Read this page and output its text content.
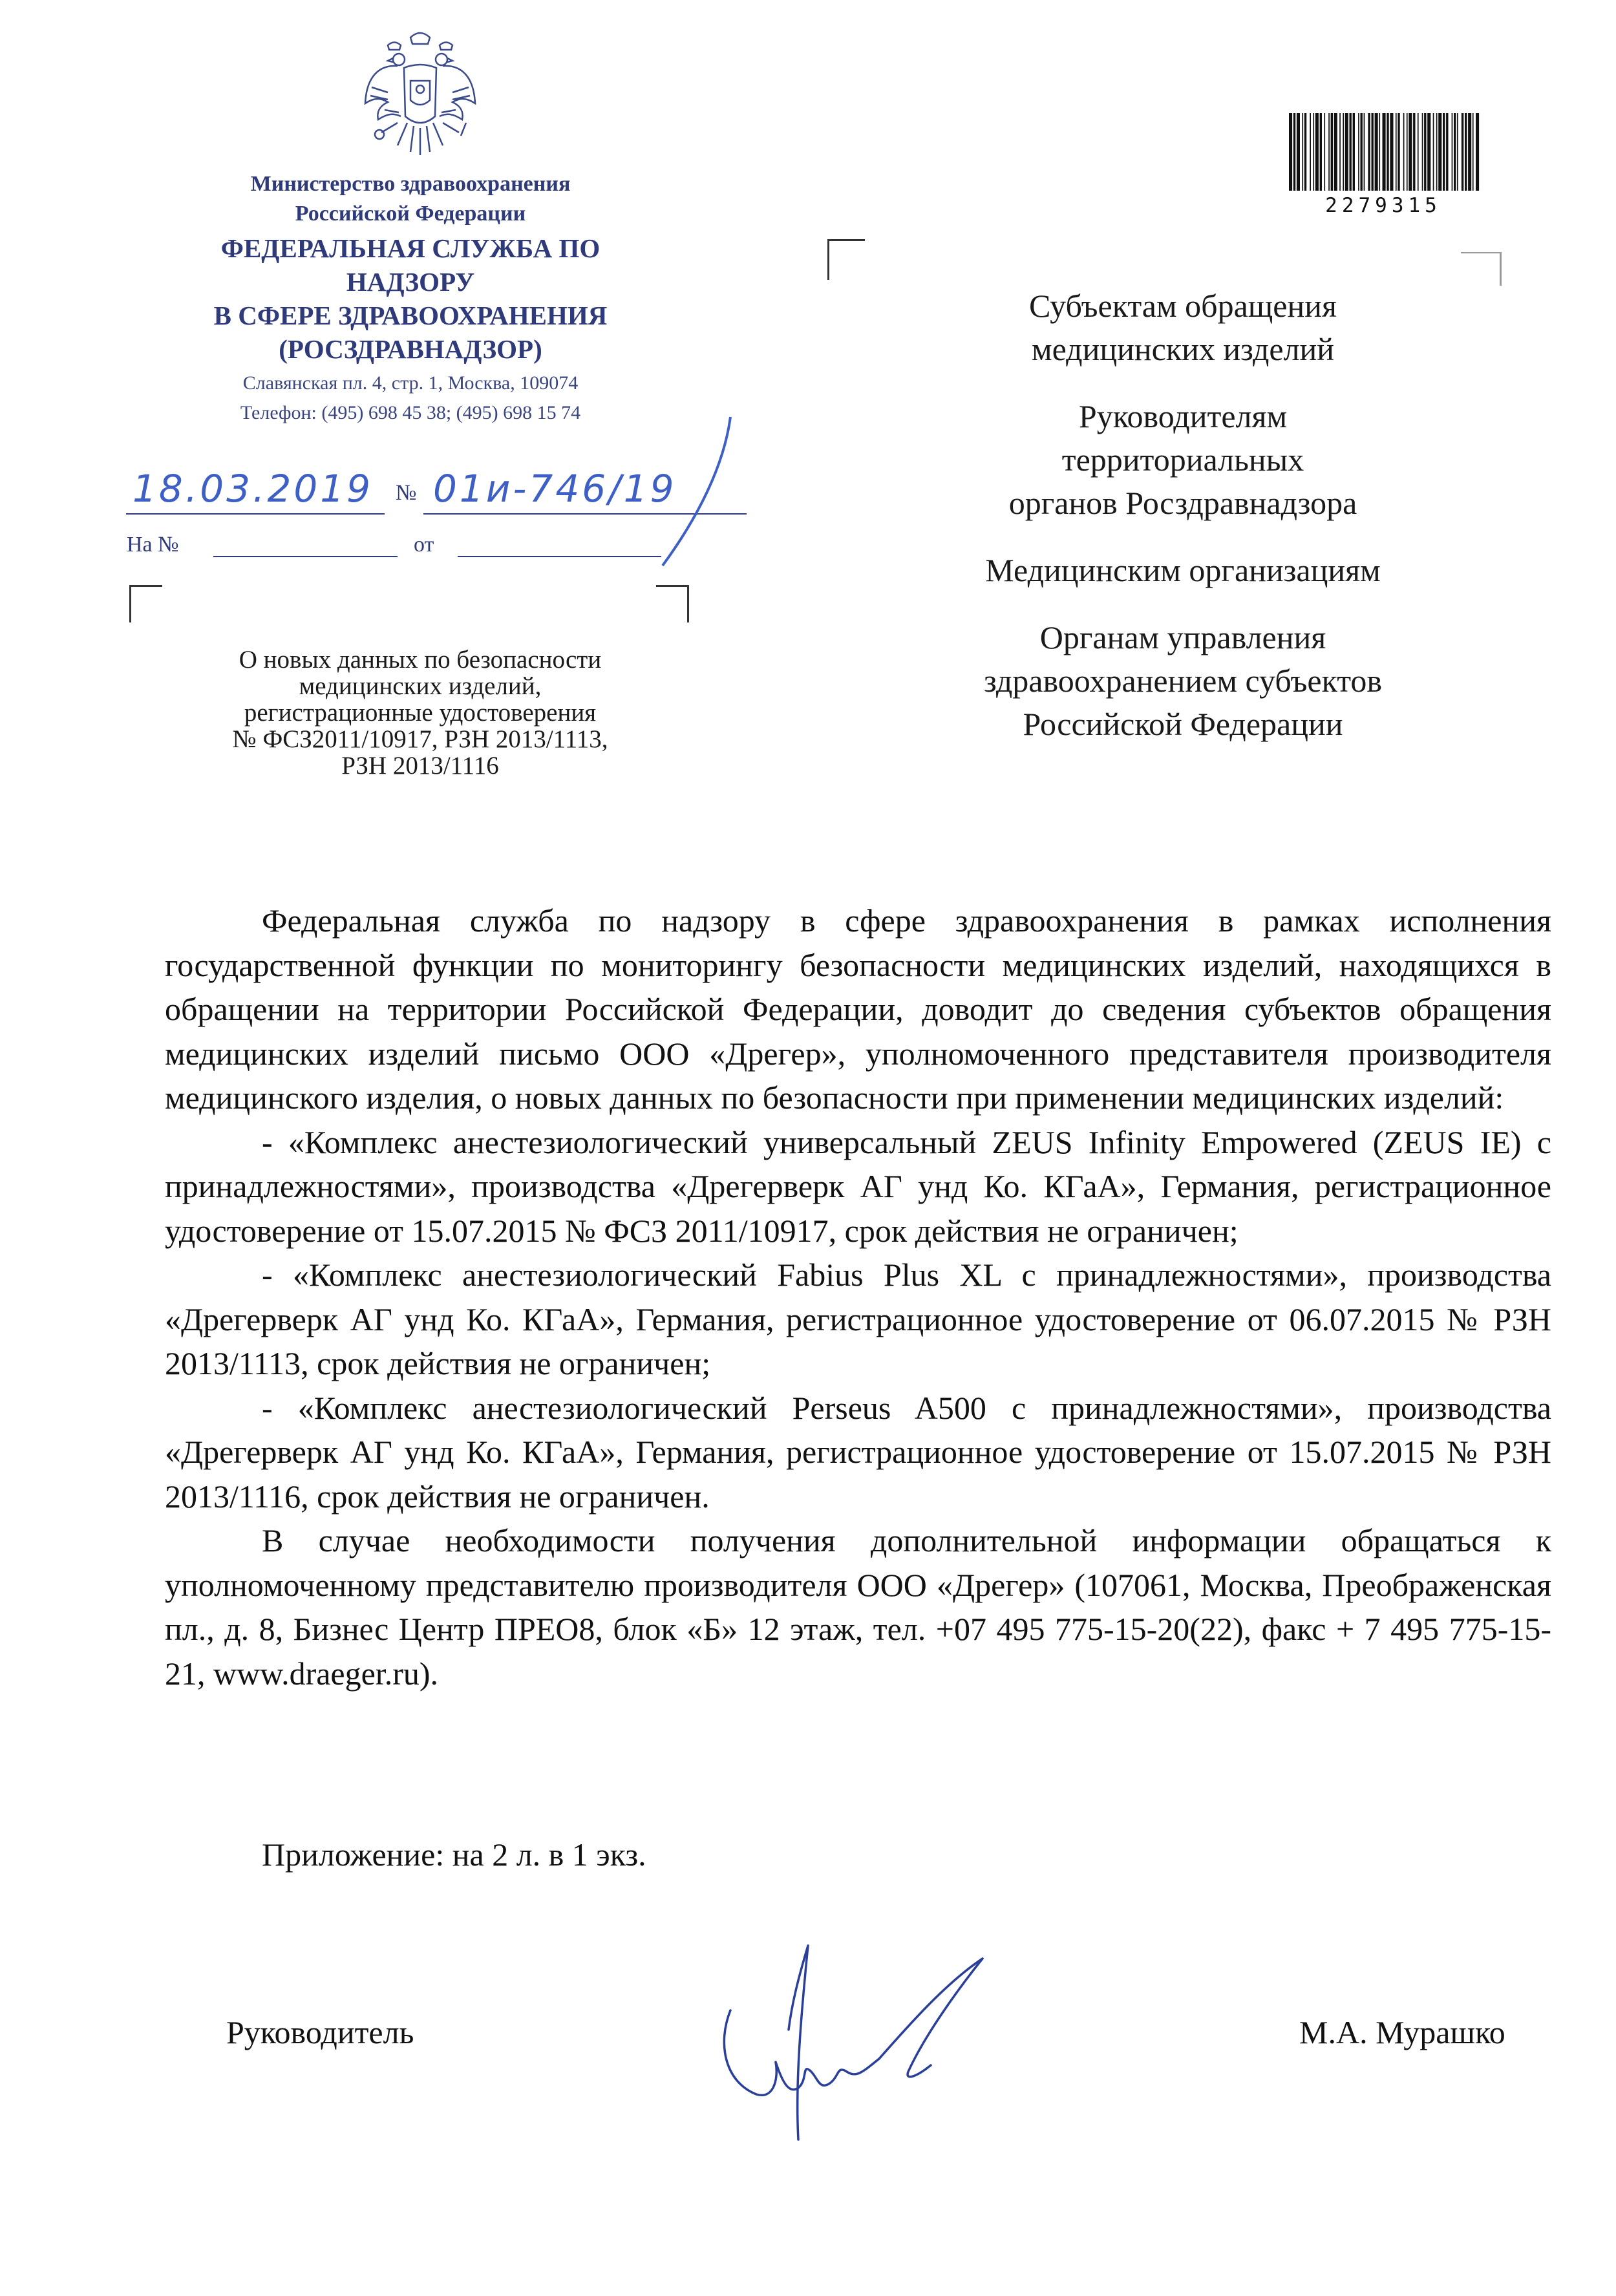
Министерство здравоохранения
Российской Федерации
ФЕДЕРАЛЬНАЯ СЛУЖБА ПО НАДЗОРУ
В СФЕРЕ ЗДРАВООХРАНЕНИЯ
(РОСЗДРАВНАДЗОР)
Славянская пл. 4, стр. 1, Москва, 109074
Телефон: (495) 698 45 38; (495) 698 15 74
18.03.2019 № 01и-746/19
На №	от
О новых данных по безопасности
медицинских изделий,
регистрационные удостоверения
№ ФСЗ2011/10917, РЗН 2013/1113,
РЗН 2013/1116
2279315
Субъектам обращения
медицинских изделий
Руководителям
территориальных
органов Росздравнадзора
Медицинским организациям
Органам управления
здравоохранением субъектов
Российской Федерации

Федеральная служба по надзору в сфере здравоохранения в рамках исполнения государственной функции по мониторингу безопасности медицинских изделий, находящихся в обращении на территории Российской Федерации, доводит до сведения субъектов обращения медицинских изделий письмо ООО «Дрегер», уполномоченного представителя производителя медицинского изделия, о новых данных по безопасности при применении медицинских изделий:

- «Комплекс анестезиологический универсальный ZEUS Infinity Empowered (ZEUS IE) с принадлежностями», производства «Дрегерверк АГ унд Ко. КГаА», Германия, регистрационное удостоверение от 15.07.2015 № ФСЗ 2011/10917, срок действия не ограничен;

- «Комплекс анестезиологический Fabius Plus XL с принадлежностями», производства «Дрегерверк АГ унд Ко. КГаА», Германия, регистрационное удостоверение от 06.07.2015 № РЗН 2013/1113, срок действия не ограничен;

- «Комплекс анестезиологический Perseus A500 с принадлежностями», производства «Дрегерверк АГ унд Ко. КГаА», Германия, регистрационное удостоверение от 15.07.2015 № РЗН 2013/1116, срок действия не ограничен.

В случае необходимости получения дополнительной информации обращаться к уполномоченному представителю производителя ООО «Дрегер» (107061, Москва, Преображенская пл., д. 8, Бизнес Центр ПРЕО8, блок «Б» 12 этаж, тел. +07 495 775-15-20(22), факс + 7 495 775-15-21, www.draeger.ru).

Приложение: на 2 л. в 1 экз.
Руководитель	М.А. Мурашко
